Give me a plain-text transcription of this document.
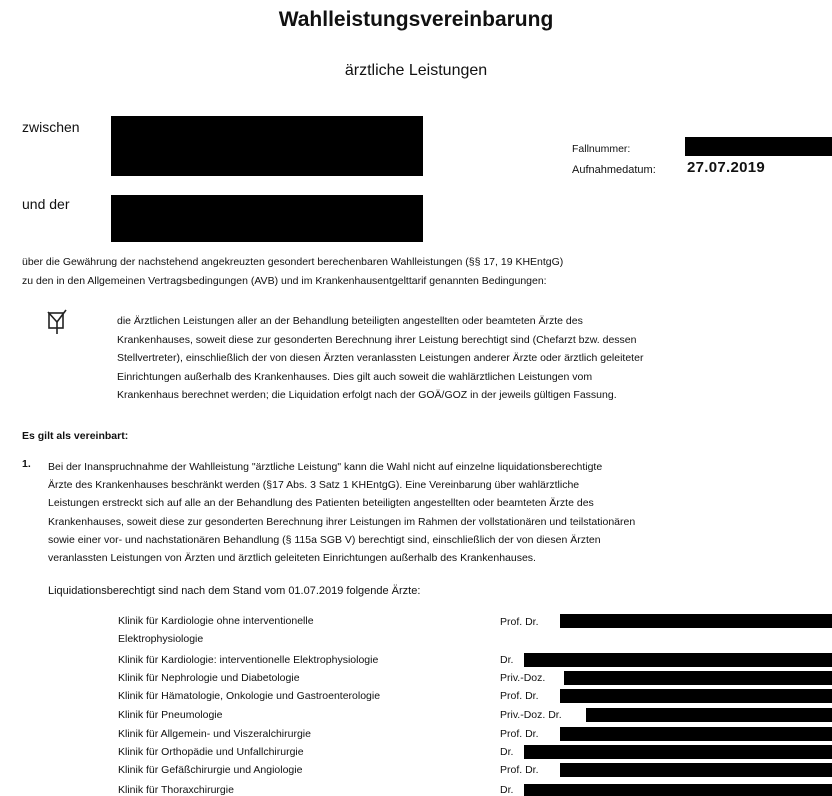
Wahlleistungsvereinbarung
ärztliche Leistungen
zwischen
und der
Fallnummer:
Aufnahmedatum: 27.07.2019
über die Gewährung der nachstehend angekreuzten gesondert berechenbaren Wahlleistungen (§§ 17, 19 KHEntgG)
zu den in den Allgemeinen Vertragsbedingungen (AVB) und im Krankenhausentgelttarif genannten Bedingungen:
die Ärztlichen Leistungen aller an der Behandlung beteiligten angestellten oder beamteten Ärzte des
Krankenhauses, soweit diese zur gesonderten Berechnung ihrer Leistung berechtigt sind (Chefarzt bzw. dessen
Stellvertreter), einschließlich der von diesen Ärzten veranlassten Leistungen anderer Ärzte oder ärztlich geleiteter
Einrichtungen außerhalb des Krankenhauses. Dies gilt auch soweit die wahlärztlichen Leistungen vom
Krankenhaus berechnet werden; die Liquidation erfolgt nach der GOÄ/GOZ in der jeweils gültigen Fassung.
Es gilt als vereinbart:
1. Bei der Inanspruchnahme der Wahlleistung "ärztliche Leistung" kann die Wahl nicht auf einzelne liquidationsberechtigte
Ärzte des Krankenhauses beschränkt werden (§17 Abs. 3 Satz 1 KHEntgG). Eine Vereinbarung über wahlärztliche
Leistungen erstreckt sich auf alle an der Behandlung des Patienten beteiligten angestellten oder beamteten Ärzte des
Krankenhauses, soweit diese zur gesonderten Berechnung ihrer Leistungen im Rahmen der vollstationären und teilstationären
sowie einer vor- und nachstationären Behandlung (§ 115a SGB V) berechtigt sind, einschließlich der von diesen Ärzten
veranlassten Leistungen von Ärzten und ärztlich geleiteten Einrichtungen außerhalb des Krankenhauses.
Liquidationsberechtigt sind nach dem Stand vom 01.07.2019 folgende Ärzte:
Klinik für Kardiologie ohne interventionelle
Elektrophysiologie
Prof. Dr.
Klinik für Kardiologie: interventionelle Elektrophysiologie	Dr.
Klinik für Nephrologie und Diabetologie	Priv.-Doz.
Klinik für Hämatologie, Onkologie und Gastroenterologie	Prof. Dr.
Klinik für Pneumologie	Priv.-Doz. Dr.
Klinik für Allgemein- und Viszeralchirurgie	Prof. Dr.
Klinik für Orthopädie und Unfallchirurgie	Dr.
Klinik für Gefäßchirurgie und Angiologie	Prof. Dr.
Klinik für Thoraxchirurgie	Dr.
